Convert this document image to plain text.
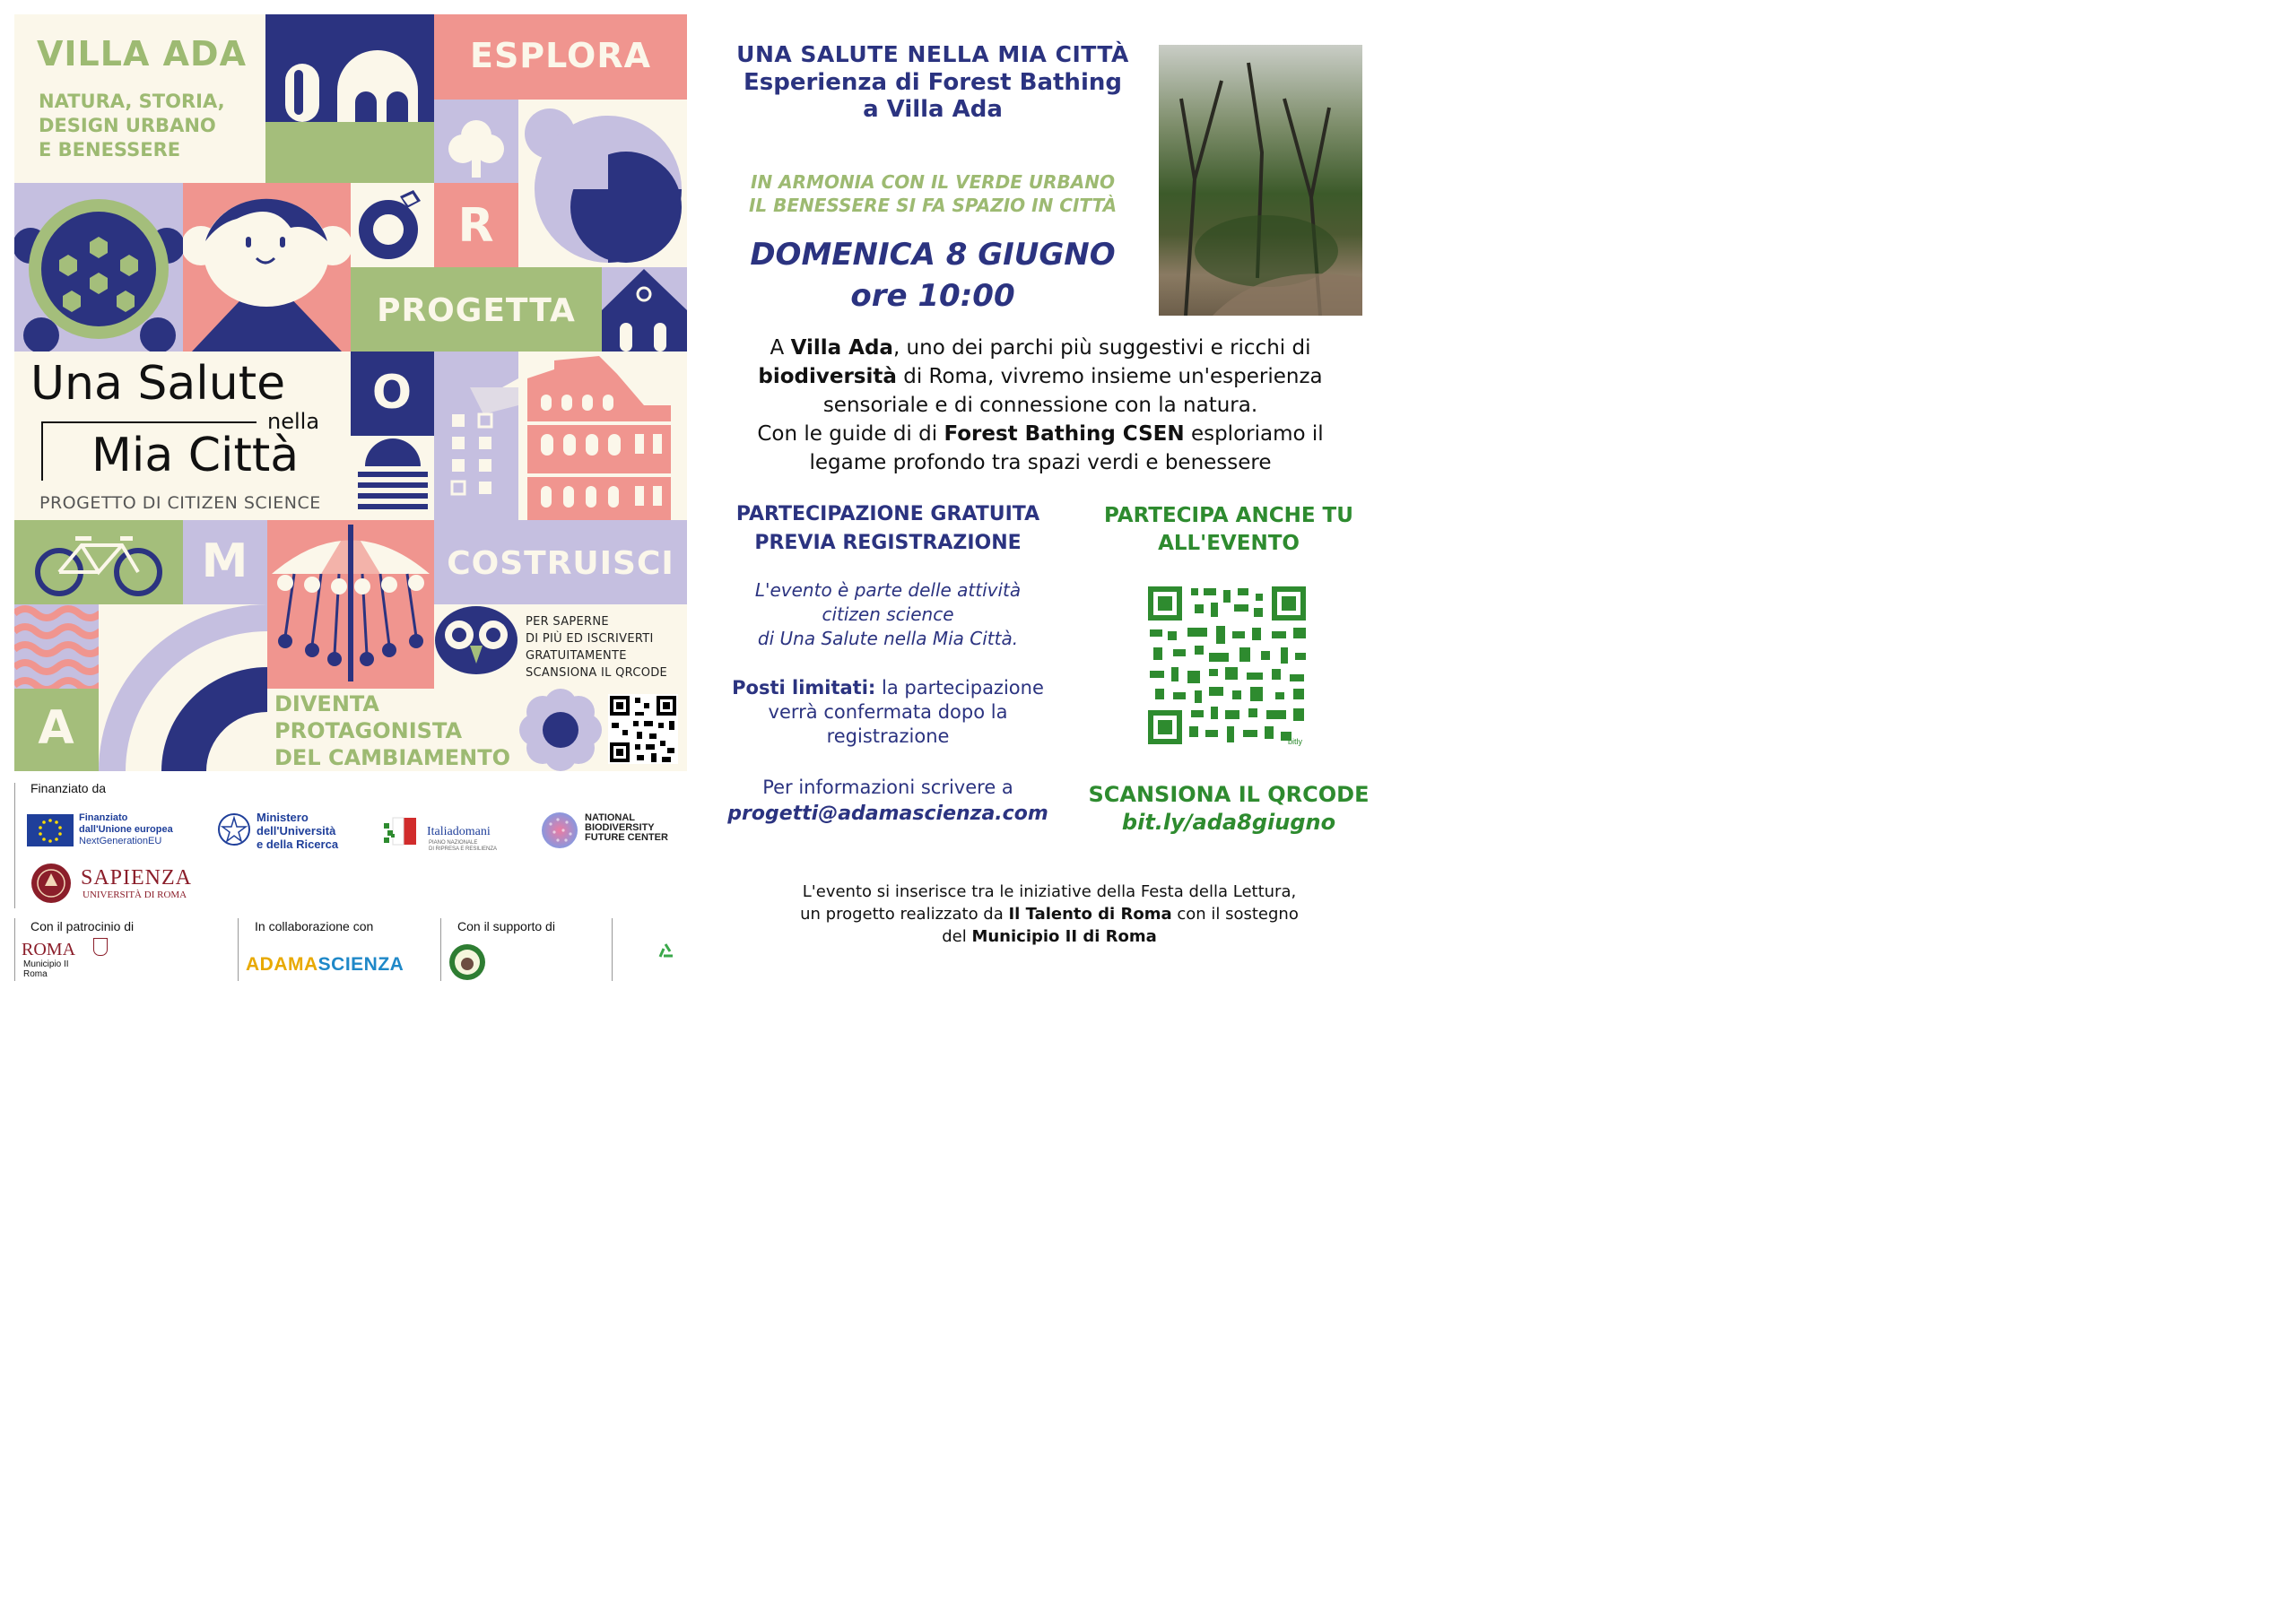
VILLA ADA
NATURA, STORIA,
DESIGN URBANO
E BENESSERE
ESPLORA
R
PROGETTA
Una Salute
nella
Mia Città
PROGETTO DI CITIZEN SCIENCE
O
M	COSTRUISCI
A
PER SAPERNE
DI PIÙ ED ISCRIVERTI
GRATUITAMENTE
SCANSIONA IL QRCODE
DIVENTA
PROTAGONISTA
DEL CAMBIAMENTO
Finanziato da
Finanziato
dall'Unione europea
NextGenerationEU
Ministero
dell'Università
e della Ricerca
Italiadomani
PIANO NAZIONALE
DI RIPRESA E RESILIENZA
NATIONAL
BIODIVERSITY
FUTURE CENTER
SAPIENZA
UNIVERSITÀ DI ROMA
Con il patrocinio di
ROMA
Municipio II
Roma
In collaborazione con
ADAMASCIENZA
Con il supporto di
UNA SALUTE NELLA MIA CITTÀ
Esperienza di Forest Bathing
a Villa Ada
IN ARMONIA CON IL VERDE URBANO
IL BENESSERE SI FA SPAZIO IN CITTÀ
DOMENICA 8 GIUGNO
ore 10:00
A Villa Ada, uno dei parchi più suggestivi e ricchi di
biodiversità di Roma, vivremo insieme un'esperienza
sensoriale e di connessione con la natura.
Con le guide di di Forest Bathing CSEN esploriamo il
legame profondo tra spazi verdi e benessere
PARTECIPAZIONE GRATUITA
PREVIA REGISTRAZIONE
L'evento è parte delle attività
citizen science
di Una Salute nella Mia Città.
Posti limitati: la partecipazione
verrà confermata dopo la
registrazione
Per informazioni scrivere a
progetti@adamascienza.com
PARTECIPA ANCHE TU
ALL'EVENTO
bitly
SCANSIONA IL QRCODE
bit.ly/ada8giugno
L'evento si inserisce tra le iniziative della Festa della Lettura,
un progetto realizzato da Il Talento di Roma con il sostegno
del Municipio II di Roma
